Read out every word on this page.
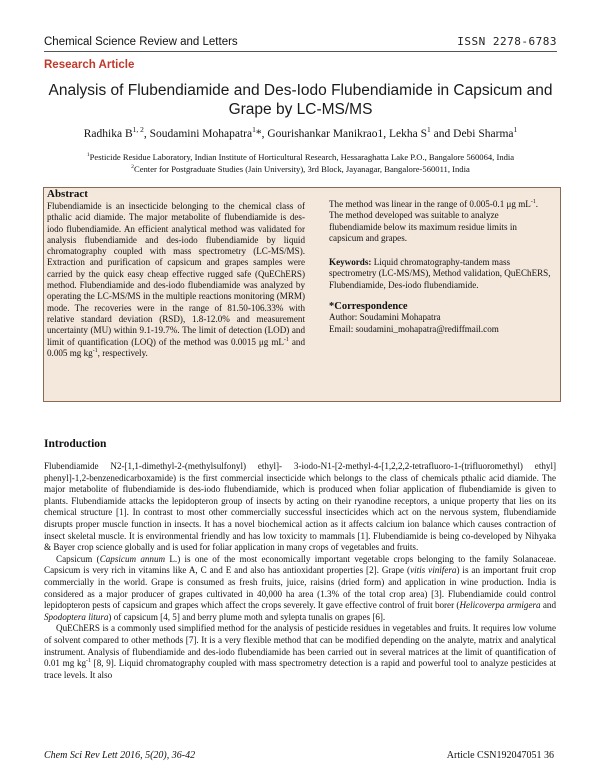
Chemical Science Review and Letters	ISSN 2278-6783
Research Article
Analysis of Flubendiamide and Des-Iodo Flubendiamide in Capsicum and Grape by LC-MS/MS
Radhika B$^{1, 2}$, Soudamini Mohapatra$^1$*, Gourishankar Manikrao1, Lekha $S^1$ and Debi Sharma$^1$
$^1$Pesticide Residue Laboratory, Indian Institute of Horticultural Research, Hessaraghatta Lake P.O., Bangalore 560064, India
$^2$Center for Postgraduate Studies (Jain University), 3rd Block, Jayanagar, Bangalore-560011, India
Abstract
Flubendiamide is an insecticide belonging to the chemical class of pthalic acid diamide. The major metabolite of flubendiamide is des-iodo flubendiamide. An efficient analytical method was validated for analysis flubendiamide and des-iodo flubendiamide by liquid chromatography coupled with mass spectrometry (LC-MS/MS). Extraction and purification of capsicum and grapes samples were carried by the quick easy cheap effective rugged safe (QuEChERS) method. Flubendiamide and des-iodo flubendiamide was analyzed by operating the LC-MS/MS in the multiple reactions monitoring (MRM) mode. The recoveries were in the range of 81.50-106.33% with relative standard deviation (RSD), 1.8-12.0% and measurement uncertainty (MU) within 9.1-19.7%. The limit of detection (LOD) and limit of quantification (LOQ) of the method was 0.0015 μg $mL^{-1}$ and 0.005 mg $kg^{-1}$, respectively.
The method was linear in the range of 0.005-0.1 μg $mL^{-1}$. The method developed was suitable to analyze flubendiamide below its maximum residue limits in capsicum and grapes.
Keywords: Liquid chromatography-tandem mass spectrometry (LC-MS/MS), Method validation, QuEChERS, Flubendiamide, Des-iodo flubendiamide.
*Correspondence
Author: Soudamini Mohapatra
Email: soudamini_mohapatra@rediffmail.com
Introduction

Flubendiamide N2-[1,1-dimethyl-2-(methylsulfonyl) ethyl]- 3-iodo-N1-[2-methyl-4-[1,2,2,2-tetrafluoro-1-(trifluoromethyl) ethyl] phenyl]-1,2-benzenedicarboxamide) is the first commercial insecticide which belongs to the class of chemicals pthalic acid diamide. The major metabolite of flubendiamide is des-iodo flubendiamide, which is produced when foliar application of flubendiamide is given to plants. Flubendiamide attacks the lepidopteron group of insects by acting on their ryanodine receptors, a unique property that lies on its chemical structure [1]. In contrast to most other commercially successful insecticides which act on the nervous system, flubendiamide disrupts proper muscle function in insects. It has a novel biochemical action as it affects calcium ion balance which causes contraction of insect skeletal muscle. It is environmental friendly and has low toxicity to mammals [1]. Flubendiamide is being co-developed by Nihyaka & Bayer crop science globally and is used for foliar application in many crops of vegetables and fruits.

Capsicum (Capsicum annum L.) is one of the most economically important vegetable crops belonging to the family Solanaceae. Capsicum is very rich in vitamins like A, C and E and also has antioxidant properties [2]. Grape (vitis vinifera) is an important fruit crop commercially in the world. Grape is consumed as fresh fruits, juice, raisins (dried form) and application in wine production. India is considered as a major producer of grapes cultivated in 40,000 ha area (1.3% of the total crop area) [3]. Flubendiamide could control lepidopteron pests of capsicum and grapes which affect the crops severely. It gave effective control of fruit borer (Helicoverpa armigera and Spodoptera litura) of capsicum [4, 5] and berry plume moth and sylepta tunalis on grapes [6].

QuEChERS is a commonly used simplified method for the analysis of pesticide residues in vegetables and fruits. It requires low volume of solvent compared to other methods [7]. It is a very flexible method that can be modified depending on the analyte, matrix and analytical instrument. Analysis of flubendiamide and des-iodo flubendiamide has been carried out in several matrices at the limit of quantification of 0.01 mg $kg^{-1}$ [8, 9]. Liquid chromatography coupled with mass spectrometry detection is a rapid and powerful tool to analyze pesticides at trace levels. It also

Chem Sci Rev Lett 2016, 5(20), 36-42	Article CSN192047051 36
